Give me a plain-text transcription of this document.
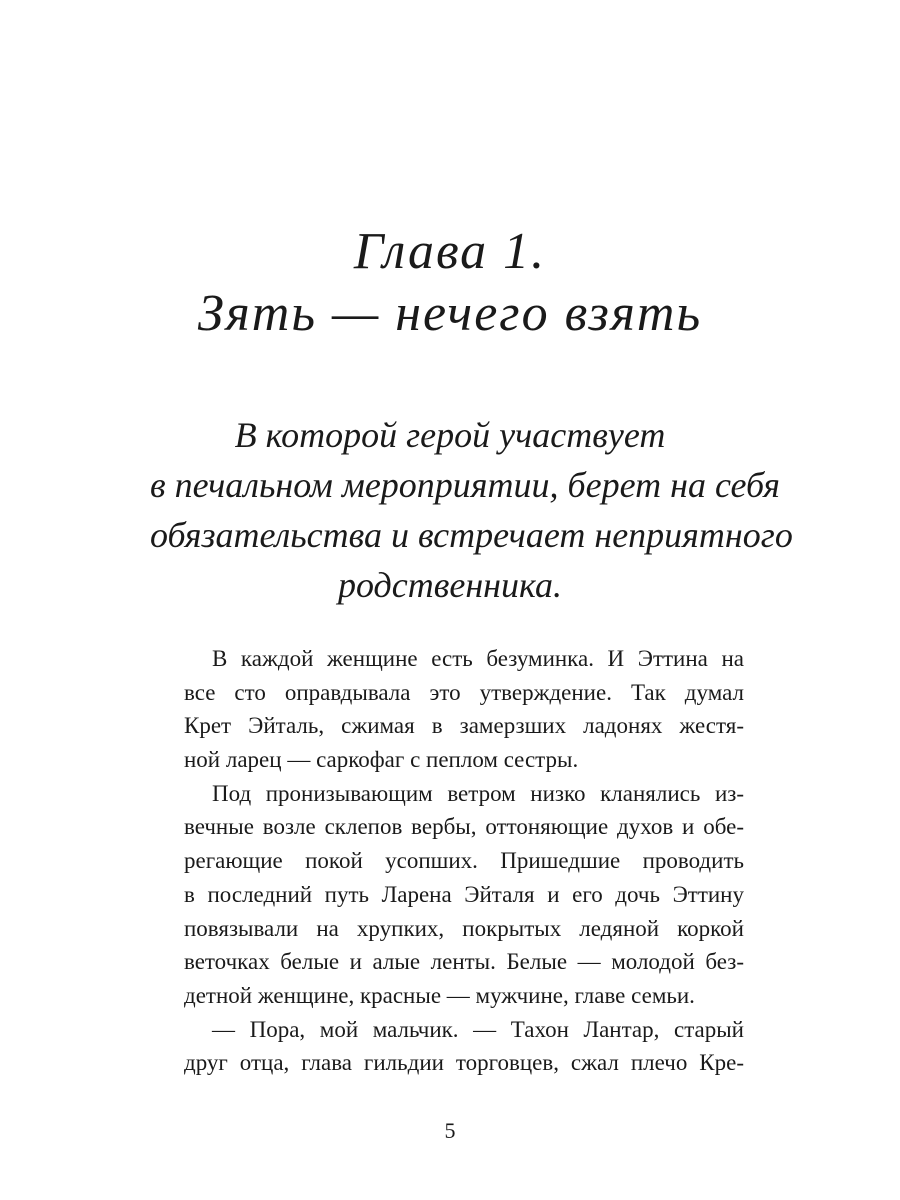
Глава 1.
Зять — нечего взять
В которой герой участвует
в печальном мероприятии, берет на себя
обязательства и встречает неприятного
родственника.
В каждой женщине есть безуминка. И Эттина на
все сто оправдывала это утверждение. Так думал
Крет Эйталь, сжимая в замерзших ладонях жестя-
ной ларец — саркофаг с пеплом сестры.
Под пронизывающим ветром низко кланялись из-
вечные возле склепов вербы, оттоняющие духов и обе-
регающие покой усопших. Пришедшие проводить
в последний путь Ларена Эйталя и его дочь Эттину
повязывали на хрупких, покрытых ледяной коркой
веточках белые и алые ленты. Белые — молодой без-
детной женщине, красные — мужчине, главе семьи.
— Пора, мой мальчик. — Тахон Лантар, старый
друг отца, глава гильдии торговцев, сжал плечо Кре-
5
